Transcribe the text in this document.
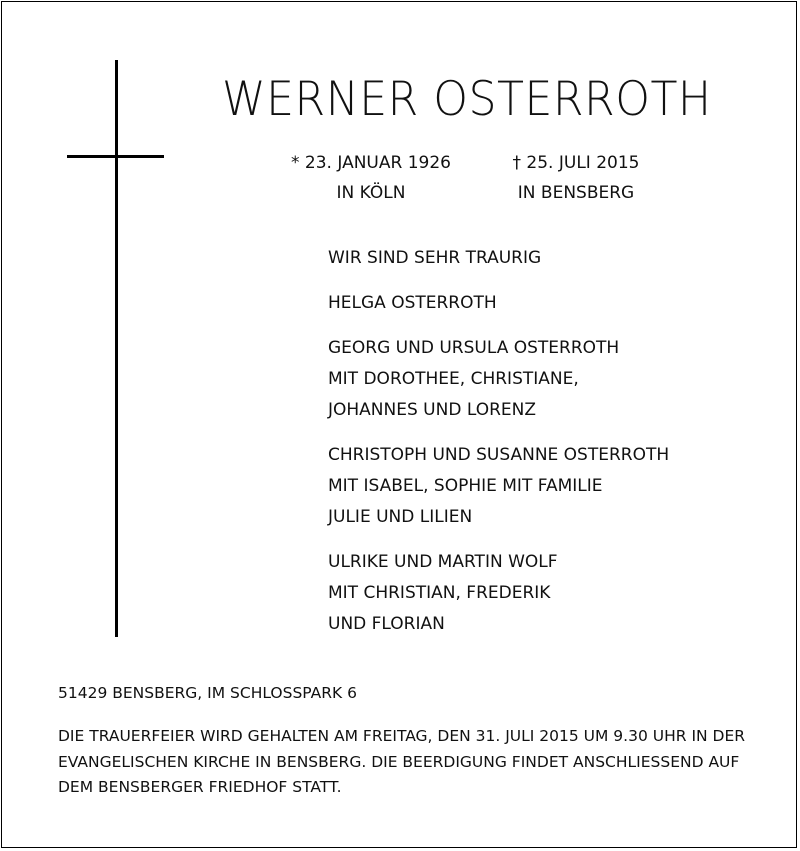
WERNER OSTERROTH
* 23. JANUAR 1926
IN KÖLN
† 25. JULI 2015
IN BENSBERG
WIR SIND SEHR TRAURIG
HELGA OSTERROTH
GEORG UND URSULA OSTERROTH
MIT DOROTHEE, CHRISTIANE,
JOHANNES UND LORENZ
CHRISTOPH UND SUSANNE OSTERROTH
MIT ISABEL, SOPHIE MIT FAMILIE
JULIE UND LILIEN
ULRIKE UND MARTIN WOLF
MIT CHRISTIAN, FREDERIK
UND FLORIAN
51429 BENSBERG, IM SCHLOSSPARK 6
DIE TRAUERFEIER WIRD GEHALTEN AM FREITAG, DEN 31. JULI 2015 UM 9.30 UHR IN DER
EVANGELISCHEN KIRCHE IN BENSBERG. DIE BEERDIGUNG FINDET ANSCHLIESSEND AUF
DEM BENSBERGER FRIEDHOF STATT.
